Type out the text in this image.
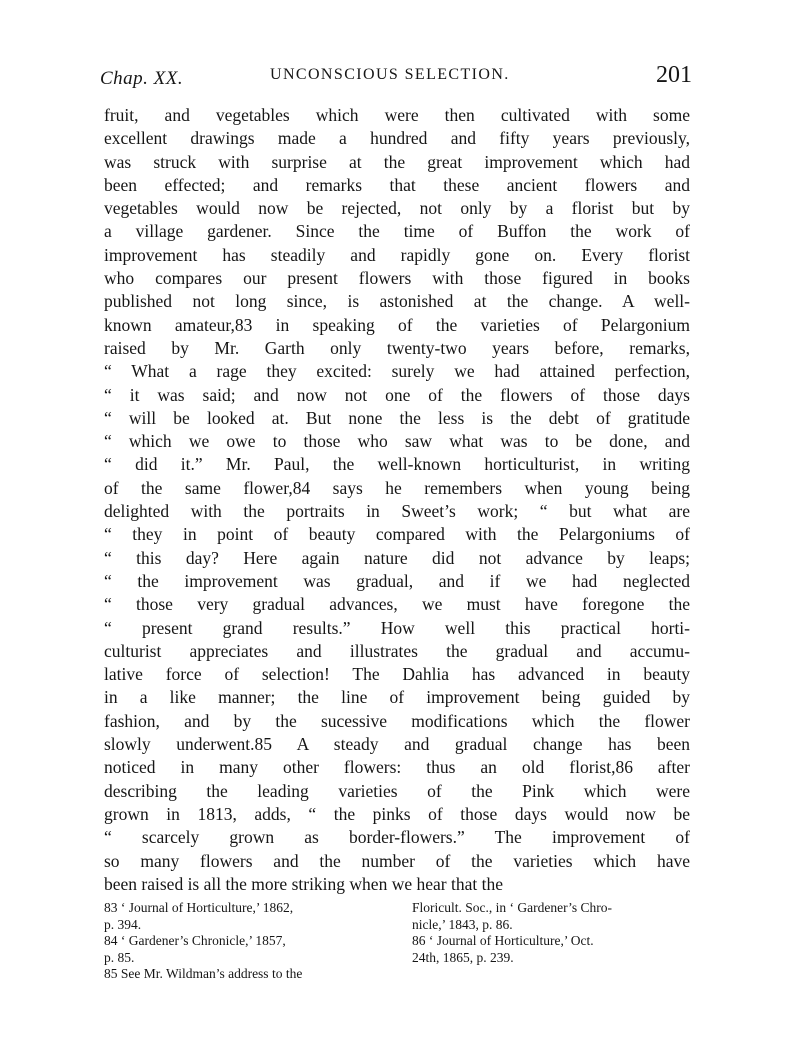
Chap. XX.	UNCONSCIOUS SELECTION.	201
fruit, and vegetables which were then cultivated with some
excellent drawings made a hundred and fifty years previously,
was struck with surprise at the great improvement which had
been effected; and remarks that these ancient flowers and
vegetables would now be rejected, not only by a florist but by
a village gardener. Since the time of Buffon the work of
improvement has steadily and rapidly gone on. Every florist
who compares our present flowers with those figured in books
published not long since, is astonished at the change. A well-
known amateur,83 in speaking of the varieties of Pelargonium
raised by Mr. Garth only twenty-two years before, remarks,
“ What a rage they excited: surely we had attained perfection,
“ it was said; and now not one of the flowers of those days
“ will be looked at. But none the less is the debt of gratitude
“ which we owe to those who saw what was to be done, and
“ did it.” Mr. Paul, the well-known horticulturist, in writing
of the same flower,84 says he remembers when young being
delighted with the portraits in Sweet’s work; “ but what are
“ they in point of beauty compared with the Pelargoniums of
“ this day? Here again nature did not advance by leaps;
“ the improvement was gradual, and if we had neglected
“ those very gradual advances, we must have foregone the
“ present grand results.” How well this practical horti-
culturist appreciates and illustrates the gradual and accumu-
lative force of selection! The Dahlia has advanced in beauty
in a like manner; the line of improvement being guided by
fashion, and by the sucessive modifications which the flower
slowly underwent.85 A steady and gradual change has been
noticed in many other flowers: thus an old florist,86 after
describing the leading varieties of the Pink which were
grown in 1813, adds, “ the pinks of those days would now be
“ scarcely grown as border-flowers.” The improvement of
so many flowers and the number of the varieties which have
been raised is all the more striking when we hear that the
83 ‘ Journal of Horticulture,’ 1862,
p. 394.
84 ‘ Gardener’s Chronicle,’ 1857,
p. 85.
85 See Mr. Wildman’s address to the
Floricult. Soc., in ‘ Gardener’s Chro-
nicle,’ 1843, p. 86.
86 ‘ Journal of Horticulture,’ Oct.
24th, 1865, p. 239.
